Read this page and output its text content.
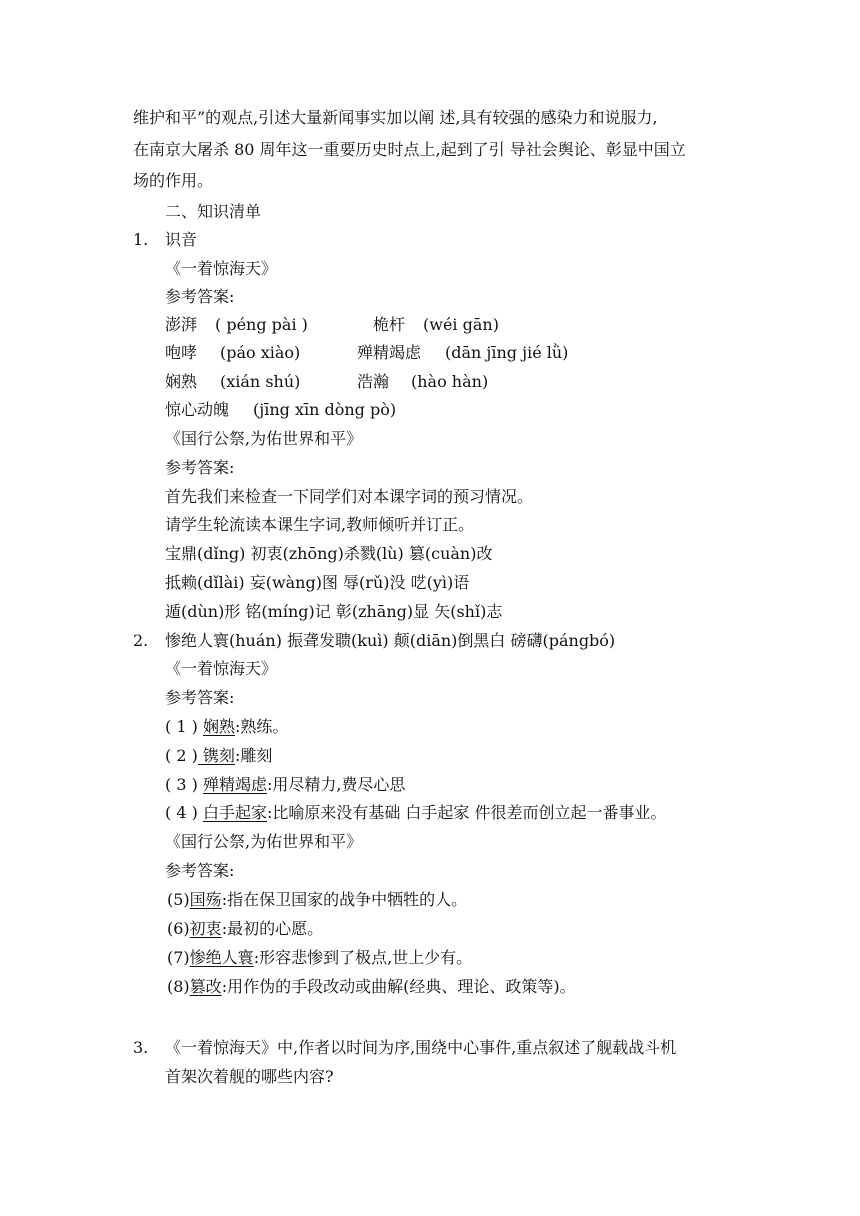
维护和平”的观点,引述大量新闻事实加以阐 述,具有较强的感染力和说服力,
在南京大屠杀 80 周年这一重要历史时点上,起到了引 导社会舆论、彰显中国立
场的作用。
二、知识清单
1. 识音
《一着惊海天》
参考答案:
澎湃 ( péng pài )	桅杆 (wéi gān)
咆哮 (páo xiào)	殚精竭虑 (dān jīng jié lǜ)
娴熟 (xián shú)	浩瀚 (hào hàn)
惊心动魄 (jīng xīn dòng pò)
《国行公祭,为佑世界和平》
参考答案:
首先我们来检查一下同学们对本课字词的预习情况。
请学生轮流读本课生字词,教师倾听并订正。
宝鼎(dǐng) 初衷(zhōng)杀戮(lù) 篡(cuàn)改
抵赖(dǐlài) 妄(wàng)图 辱(rǔ)没 呓(yì)语
遁(dùn)形 铭(míng)记 彰(zhāng)显 矢(shǐ)志
2. 惨绝人寰(huán) 振聋发聩(kuì) 颠(diān)倒黑白 磅礴(pángbó)
《一着惊海天》
参考答案:
( 1 ) 娴熟:熟练。
( 2 ) 镌刻:雕刻
( 3 ) 殚精竭虑:用尽精力,费尽心思
( 4 ) 白手起家:比喻原来没有基础 白手起家 件很差而创立起一番事业。
《国行公祭,为佑世界和平》
参考答案:
(5)国殇:指在保卫国家的战争中牺牲的人。
(6)初衷:最初的心愿。
(7)惨绝人寰:形容悲惨到了极点,世上少有。
(8)篡改:用作伪的手段改动或曲解(经典、理论、政策等)。
3. 《一着惊海天》中,作者以时间为序,围绕中心事件,重点叙述了舰载战斗机
首架次着舰的哪些内容?
